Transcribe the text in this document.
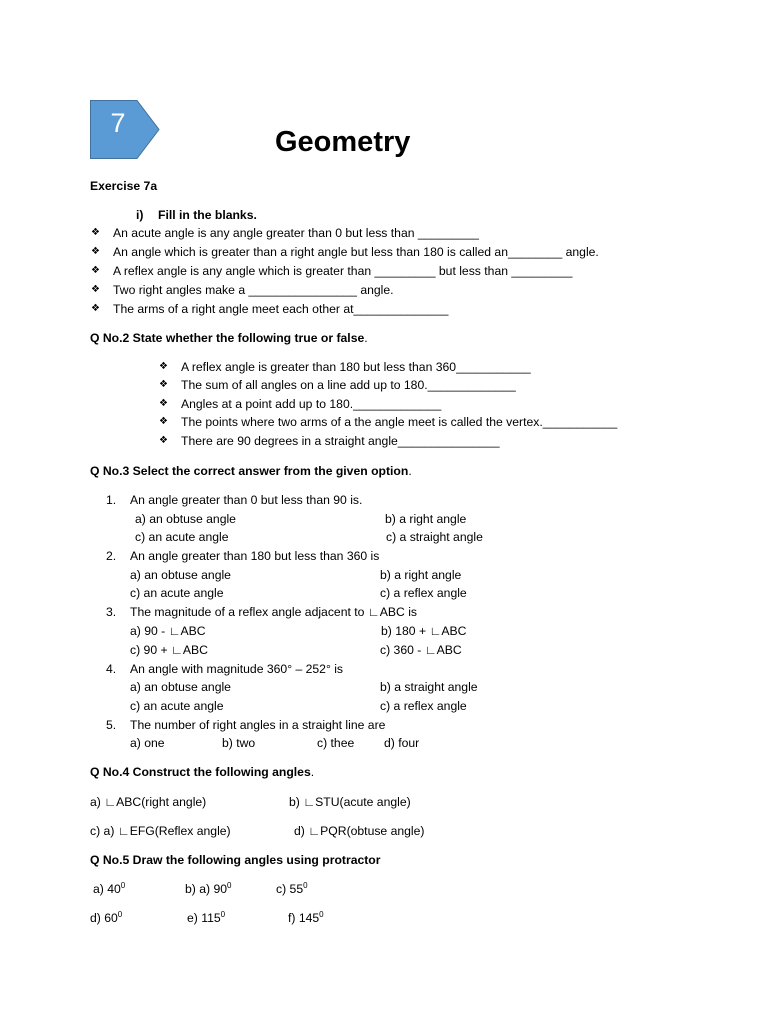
7
Geometry
Exercise 7a
i) Fill in the blanks.
❖ An acute angle is any angle greater than 0 but less than _________
❖ An angle which is greater than a right angle but less than 180 is called an________ angle.
❖ A reflex angle is any angle which is greater than _________ but less than _________
❖ Two right angles make a ________________ angle.
❖ The arms of a right angle meet each other at______________
Q No.2 State whether the following true or false.
❖ A reflex angle is greater than 180 but less than 360___________
❖ The sum of all angles on a line add up to 180._____________
❖ Angles at a point add up to 180._____________
❖ The points where two arms of a the angle meet is called the vertex.___________
❖ There are 90 degrees in a straight angle_______________
Q No.3 Select the correct answer from the given option.
1. An angle greater than 0 but less than 90 is.
a) an obtuse angle	b) a right angle
c) an acute angle	c) a straight angle
2. An angle greater than 180 but less than 360 is
a) an obtuse angle	b) a right angle
c) an acute angle	c) a reflex angle
3. The magnitude of a reflex angle adjacent to ∟ABC is
a) 90 - ∟ABC	b) 180 + ∟ABC
c) 90 + ∟ABC	c) 360 - ∟ABC
4. An angle with magnitude 360° – 252° is
a) an obtuse angle	b) a straight angle
c) an acute angle	c) a reflex angle
5. The number of right angles in a straight line are
a) one	b) two	c) thee d) four
Q No.4 Construct the following angles.
a) ∟ABC(right angle)	b) ∟STU(acute angle)
c) a) ∟EFG(Reflex angle)	d) ∟PQR(obtuse angle)
Q No.5 Draw the following angles using protractor
a) $40^0$	b) a) $90^0$	c) $55^0$
d) $60^0$	e) $115^0$	f) $145^0$
